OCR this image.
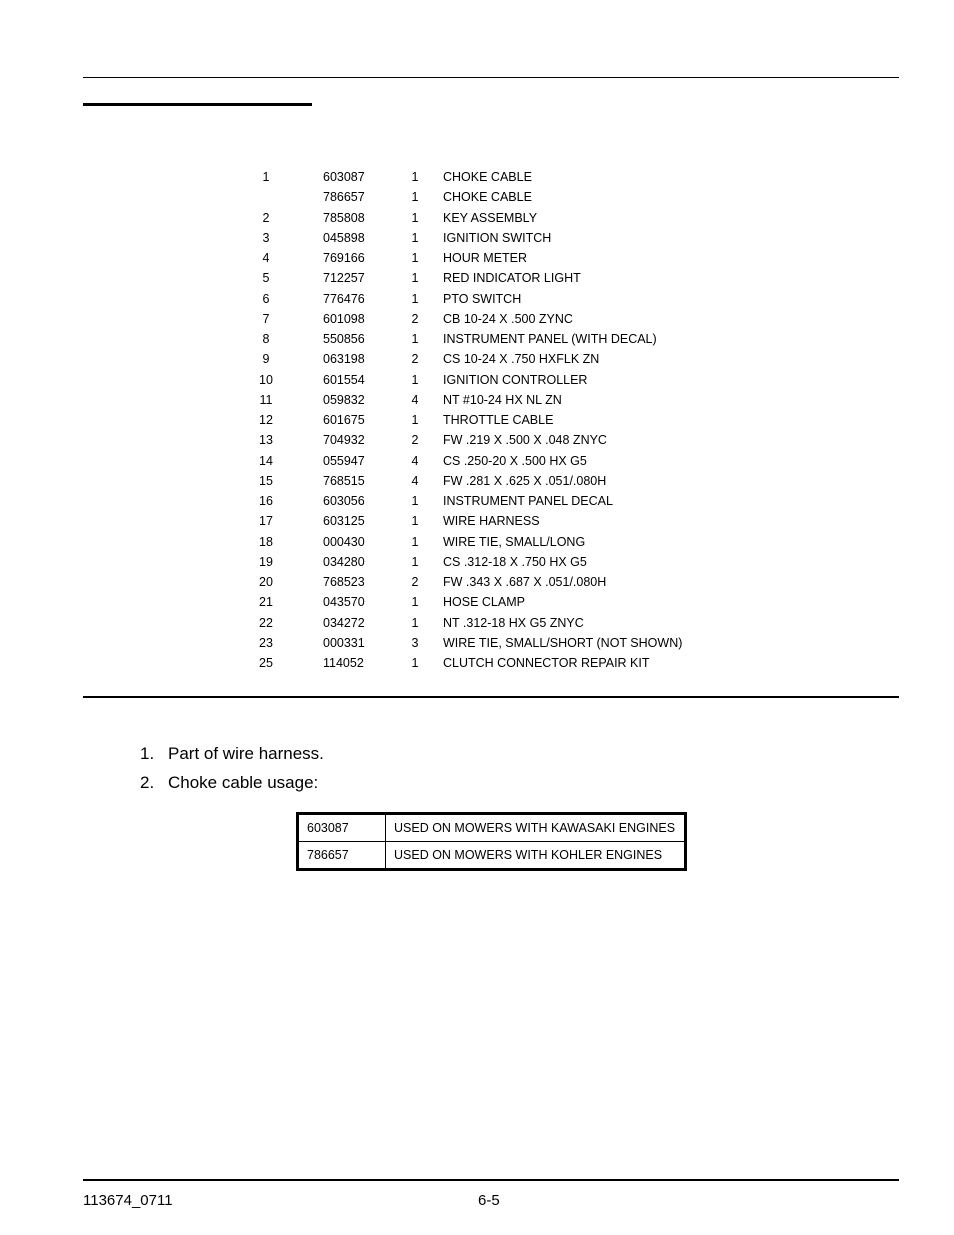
1	603087	1	CHOKE CABLE
	786657	1	CHOKE CABLE
2	785808	1	KEY ASSEMBLY
3	045898	1	IGNITION SWITCH
4	769166	1	HOUR METER
5	712257	1	RED INDICATOR LIGHT
6	776476	1	PTO SWITCH
7	601098	2	CB 10-24 X .500 ZYNC
8	550856	1	INSTRUMENT PANEL (WITH DECAL)
9	063198	2	CS 10-24 X .750 HXFLK ZN
10	601554	1	IGNITION CONTROLLER
11	059832	4	NT #10-24 HX NL ZN
12	601675	1	THROTTLE CABLE
13	704932	2	FW .219 X .500 X .048 ZNYC
14	055947	4	CS .250-20 X .500 HX G5
15	768515	4	FW .281 X .625 X .051/.080H
16	603056	1	INSTRUMENT PANEL DECAL
17	603125	1	WIRE HARNESS
18	000430	1	WIRE TIE, SMALL/LONG
19	034280	1	CS .312-18 X .750 HX G5
20	768523	2	FW .343 X .687 X .051/.080H
21	043570	1	HOSE CLAMP
22	034272	1	NT .312-18 HX G5 ZNYC
23	000331	3	WIRE TIE, SMALL/SHORT (NOT SHOWN)
25	114052	1	CLUTCH CONNECTOR REPAIR KIT
1. Part of wire harness.
2. Choke cable usage:
603087	USED ON MOWERS WITH KAWASAKI ENGINES
786657	USED ON MOWERS WITH KOHLER ENGINES
113674_0711	6-5
